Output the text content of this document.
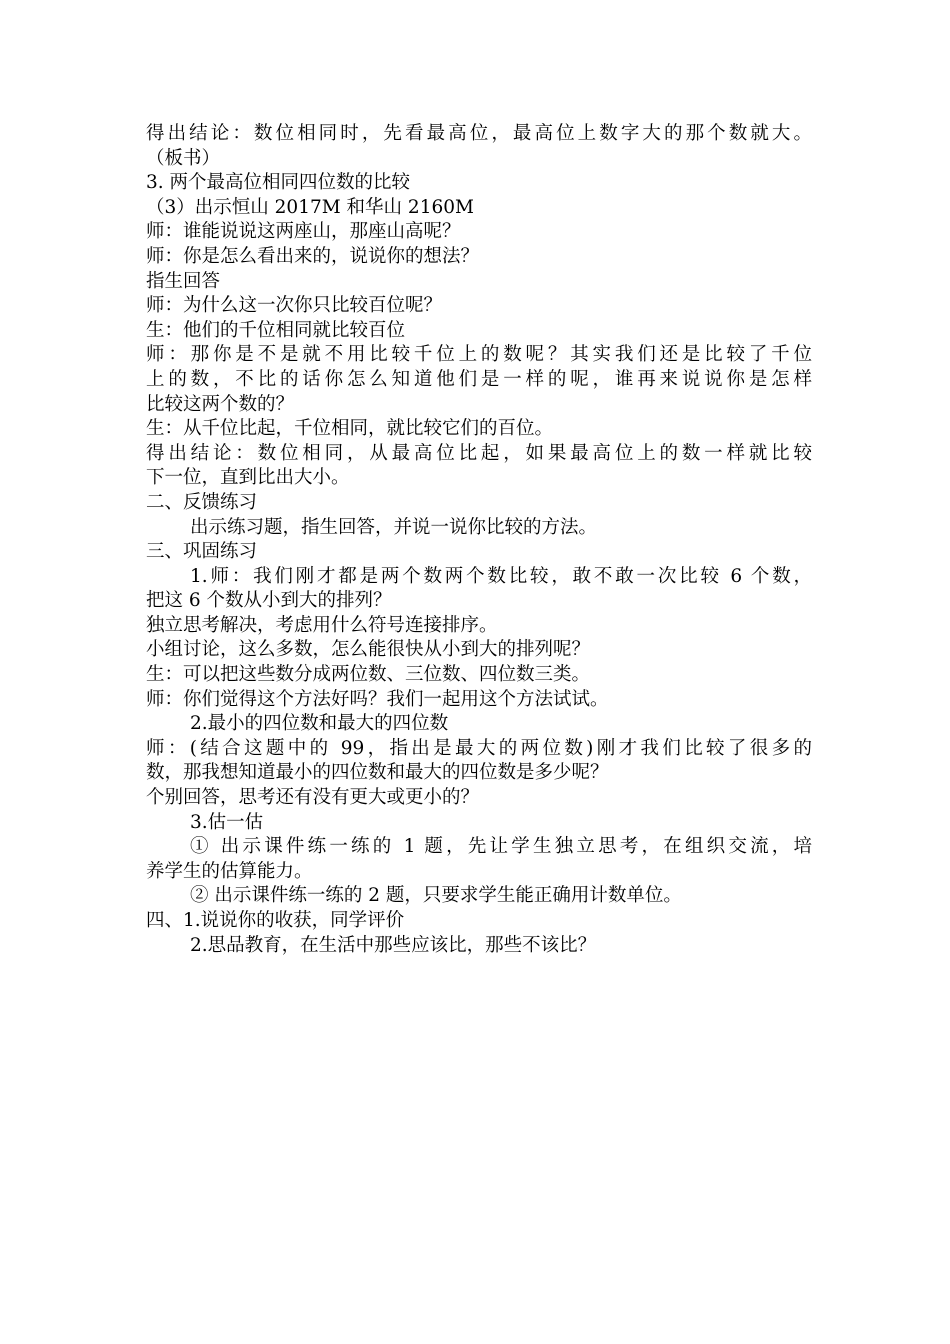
得出结论：数位相同时，先看最高位，最高位上数字大的那个数就大。
（板书）
3. 两个最高位相同四位数的比较
（3）出示恒山 2017M 和华山 2160M
师：谁能说说这两座山，那座山高呢？
师：你是怎么看出来的，说说你的想法？
指生回答
师：为什么这一次你只比较百位呢？
生：他们的千位相同就比较百位
师：那你是不是就不用比较千位上的数呢？其实我们还是比较了千位
上的数，不比的话你怎么知道他们是一样的呢，谁再来说说你是怎样
比较这两个数的？
生：从千位比起，千位相同，就比较它们的百位。
得出结论：数位相同，从最高位比起，如果最高位上的数一样就比较
下一位，直到比出大小。
二、反馈练习
出示练习题，指生回答，并说一说你比较的方法。
三、巩固练习
1.师：我们刚才都是两个数两个数比较，敢不敢一次比较 6 个数，
把这 6 个数从小到大的排列？
独立思考解决，考虑用什么符号连接排序。
小组讨论，这么多数，怎么能很快从小到大的排列呢？
生：可以把这些数分成两位数、三位数、四位数三类。
师：你们觉得这个方法好吗？我们一起用这个方法试试。
2.最小的四位数和最大的四位数
师：(结合这题中的 99，指出是最大的两位数)刚才我们比较了很多的
数，那我想知道最小的四位数和最大的四位数是多少呢？
个别回答，思考还有没有更大或更小的？
3.估一估
① 出示课件练一练的 1 题，先让学生独立思考，在组织交流，培
养学生的估算能力。
② 出示课件练一练的 2 题，只要求学生能正确用计数单位。
四、1.说说你的收获，同学评价
2.思品教育，在生活中那些应该比，那些不该比？
